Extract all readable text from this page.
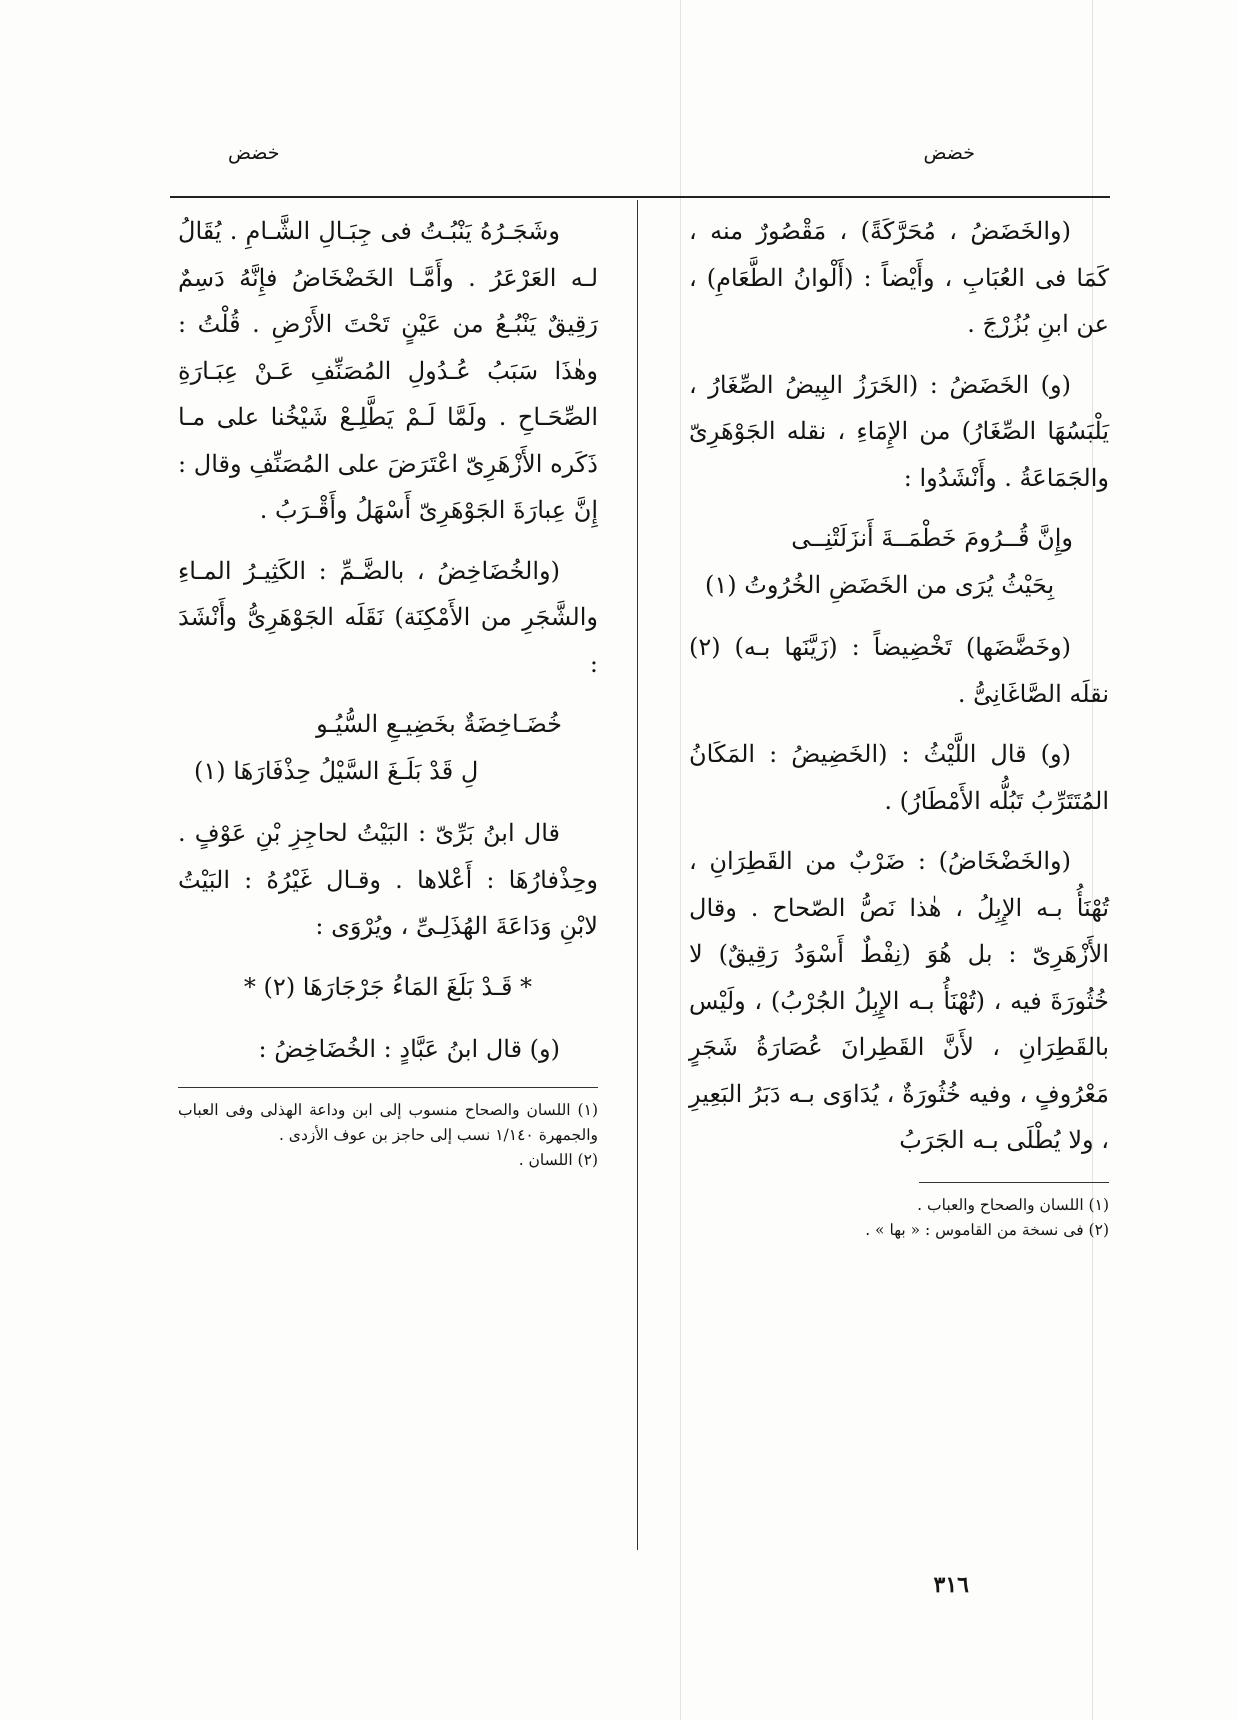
خضض
خضض

(والخَضَضُ ، مُحَرَّكَةً) ، مَقْصُورٌ منه ، كَمَا فى العُبَابِ ، وأَيْضاً : (أَلْوانُ الطَّعَامِ) ، عن ابنِ بُزُرْجَ .

(و) الخَضَضُ : (الخَرَزُ البِيضُ الصِّغَارُ ، يَلْبَسُهَا الصِّغَارُ) من الإِمَاءِ ، نقله الجَوْهَرِىّ والجَمَاعَةُ . وأَنْشَدُوا :

وإِنَّ قُــرُومَ خَطْمَــةَ أَنزَلَتْنِــى
بِحَيْثُ يُرَى من الخَضَضِ الخُرُوتُ (١)

(وخَضَّضَها) تَخْضِيضاً : (زَيَّنَها بـه) (٢) نقلَه الصَّاغَانِىُّ .

(و) قال اللَّيْثُ : (الخَضِيضُ : المَكَانُ المُتَتَرِّبُ تَبُلُّه الأَمْطَارُ) .

(والخَضْخَاضُ) : ضَرْبٌ من القَطِرَانِ ، تُهْنَأُ بـه الإِبِلُ ، هٰذا نَصُّ الصّحاح . وقال الأَزْهَرِىّ : بل هُوَ (نِفْطٌ أَسْوَدُ رَقِيقٌ) لا خُثُورَةَ فيه ، (تُهْنَأُ بـه الإِبِلُ الجُرْبُ) ، ولَيْس بالقَطِرَانِ ، لأَنَّ القَطِرانَ عُصَارَةُ شَجَرٍ مَعْرُوفٍ ، وفيه خُثُورَةٌ ، يُدَاوَى بـه دَبَرُ البَعِيرِ ، ولا يُطْلَى بـه الجَرَبُ

(١) اللسان والصحاح والعباب .

(٢) فى نسخة من القاموس : « بها » .

وشَجَـرُهُ يَنْبُـتُ فى جِبَـالِ الشَّـامِ . يُقَالُ لـه العَرْعَرُ . وأَمَّـا الخَضْخَاضُ فإِنَّهُ دَسِمٌ رَقِيقٌ يَنْبُـعُ من عَيْنٍ تَحْتَ الأَرْضِ . قُلْتُ : وهٰذَا سَبَبُ عُـدُولِ المُصَنِّفِ عَـنْ عِبَـارَةِ الصِّحَـاحِ . ولَمَّا لَـمْ يَطَّلِـعْ شَيْخُنا على مـا ذَكَره الأَزْهَرِىّ اعْتَرَضَ على المُصَنِّفِ وقال : إِنَّ عِبارَةَ الجَوْهَرِىّ أَسْهَلُ وأَقْـرَبُ .

(والخُضَاخِضُ ، بالضَّـمِّ : الكَثِيـرُ المـاءِ والشَّجَرِ من الأَمْكِنَة) نَقَلَه الجَوْهَرِىُّ وأَنْشَدَ :

خُضَـاخِضَةٌ بخَضِيـعِ السُّيُـو
لِ قَدْ بَلَـغَ السَّيْلُ حِذْفَارَهَا (١)

قال ابنُ بَرِّىّ : البَيْتُ لحاجِزِ بْنِ عَوْفٍ . وحِذْفارُهَا : أَعْلاها . وقـال غَيْرُهُ : البَيْتُ لابْنِ وَدَاعَةَ الهُذَلِـىِّ ، ويُرْوَى :

* قَـدْ بَلَغَ المَاءُ جَرْجَارَهَا (٢) *

(و) قال ابنُ عَبَّادٍ : الخُضَاخِضُ :

(١) اللسان والصحاح منسوب إلى ابن وداعة الهذلى وفى العباب والجمهرة ١/١٤٠ نسب إلى حاجز بن عوف الأزدى .

(٢) اللسان .

٣١٦
